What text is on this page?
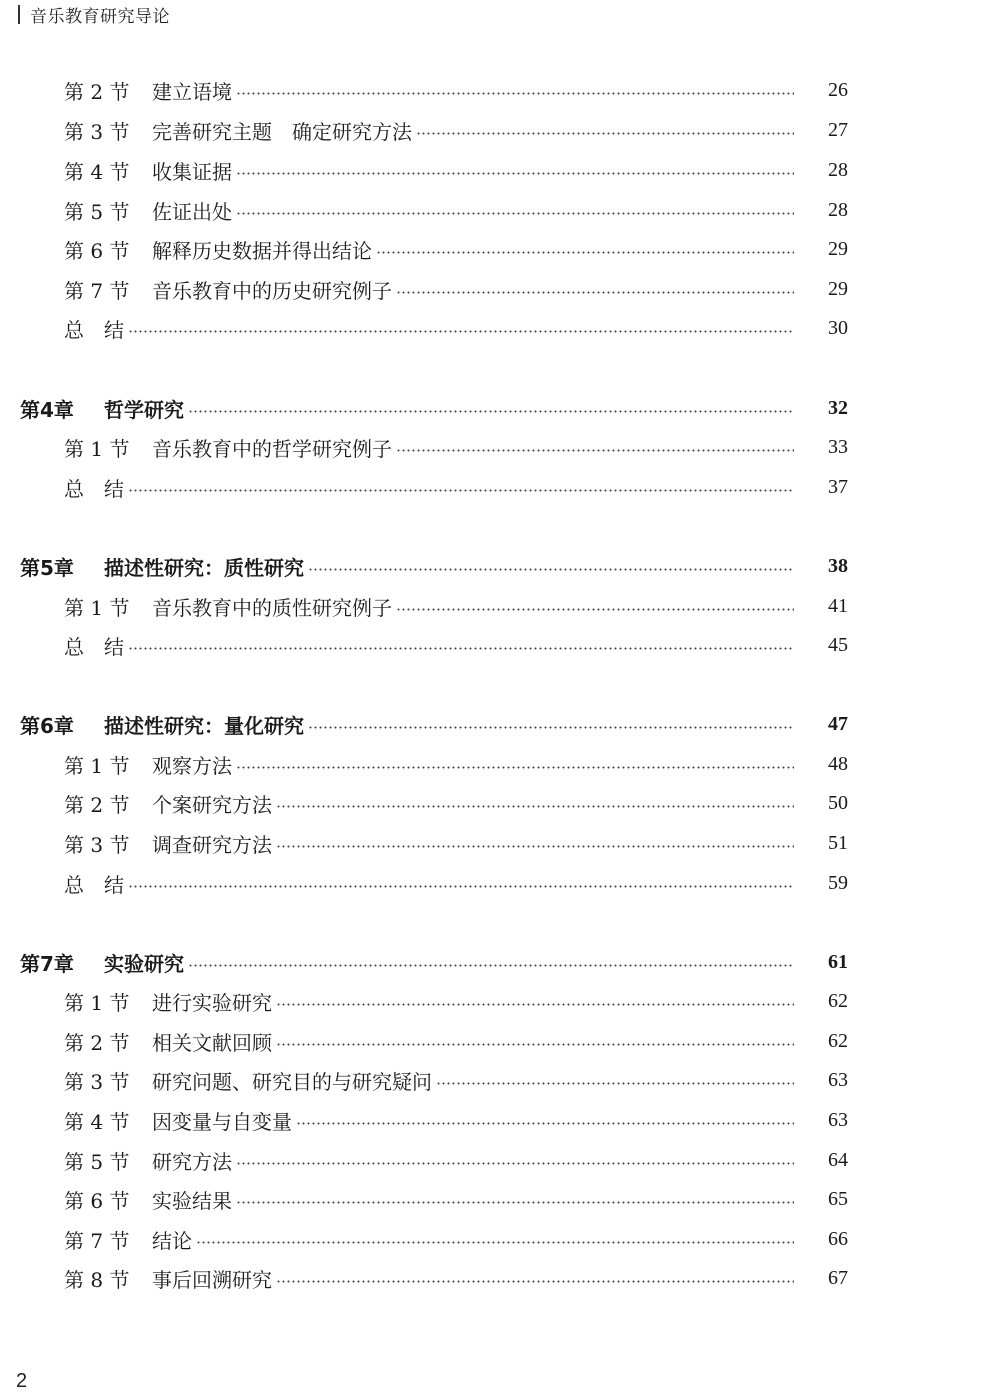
音乐教育研究导论
第 2 节	建立语境	26
第 3 节	完善研究主题　确定研究方法	27
第 4 节	收集证据	28
第 5 节	佐证出处	28
第 6 节	解释历史数据并得出结论	29
第 7 节	音乐教育中的历史研究例子	29
总　结	30
第4章	哲学研究	32
第 1 节	音乐教育中的哲学研究例子	33
总　结	37
第5章	描述性研究：质性研究	38
第 1 节	音乐教育中的质性研究例子	41
总　结	45
第6章	描述性研究：量化研究	47
第 1 节	观察方法	48
第 2 节	个案研究方法	50
第 3 节	调查研究方法	51
总　结	59
第7章	实验研究	61
第 1 节	进行实验研究	62
第 2 节	相关文献回顾	62
第 3 节	研究问题、研究目的与研究疑问	63
第 4 节	因变量与自变量	63
第 5 节	研究方法	64
第 6 节	实验结果	65
第 7 节	结论	66
第 8 节	事后回溯研究	67
2
